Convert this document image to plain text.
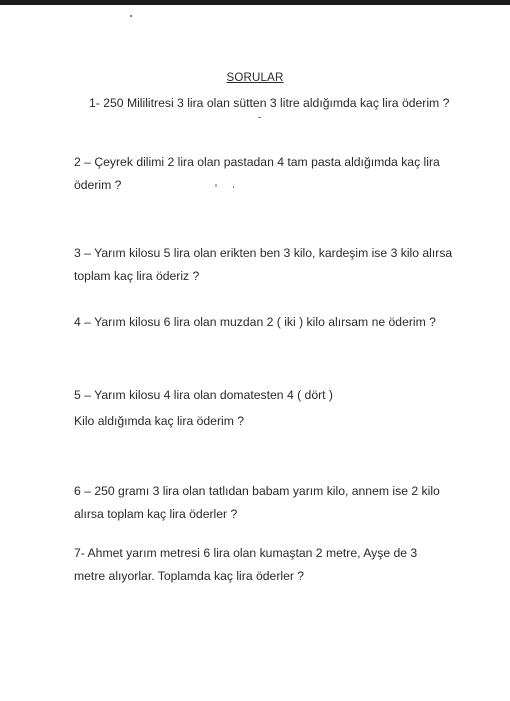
SORULAR
1- 250 Mililitresi 3 lira olan sütten 3 litre aldığımda kaç lira öderim ?
2 – Çeyrek dilimi 2 lira olan pastadan 4 tam pasta aldığımda kaç lira
öderim ?
3 – Yarım kilosu 5 lira olan erikten ben 3 kilo, kardeşim ise 3 kilo alırsa
toplam kaç lira öderiz ?
4 – Yarım kilosu 6 lira olan muzdan 2 ( iki ) kilo alırsam ne öderim ?
5 – Yarım kilosu 4 lira olan domatesten 4 ( dört )
Kilo aldığımda kaç lira öderim ?
6 – 250 gramı 3 lira olan tatlıdan babam yarım kilo, annem ise 2 kilo
alırsa toplam kaç lira öderler ?
7- Ahmet yarım metresi 6 lira olan kumaştan 2 metre, Ayşe de 3
metre alıyorlar. Toplamda kaç lira öderler ?
